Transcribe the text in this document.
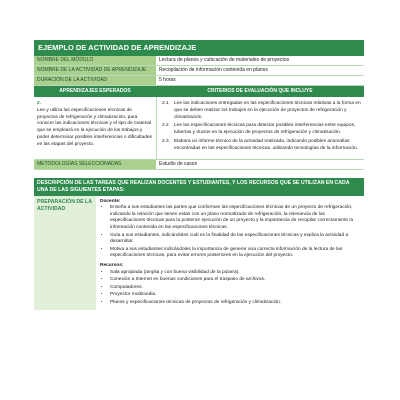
EJEMPLO DE ACTIVIDAD DE APRENDIZAJE
NOMBRE DEL MÓDULO	Lectura de planos y cubicación de materiales de proyectos
NOMBRE DE LA ACTIVIDAD DE APRENDIZAJE	Recopilación de información contenida en planos
DURACIÓN DE LA ACTIVIDAD	5 horas
APRENDIZAJES ESPERADOS	CRITERIOS DE EVALUACIÓN QUE INCLUYE
2.
Lee y utiliza las especificaciones técnicas de proyectos de refrigeración y climatización, para conocer las indicaciones técnicas y el tipo de material que se empleará en la ejecución de los trabajos y poder determinar posibles interferencias o dificultades en las etapas del proyecto.
2.1	Lee las indicaciones entregadas en las especificaciones técnicas relativas a la forma en que se deben realizar los trabajos en la ejecución de proyectos de refrigeración y climatización.
2.2	Lee las especificaciones técnicas para detectar posibles interferencias entre equipos, tuberías y ductos en la ejecución de proyectos de refrigeración y climatización.
2.3	Elabora un informe técnico de la actividad realizada, indicando posibles anomalías encontradas en las especificaciones técnicas, utilizando tecnologías de la información.
METODOLOGÍAS SELECCIONADAS	Estudio de casos
DESCRIPCIÓN DE LAS TAREAS QUE REALIZAN DOCENTES Y ESTUDIANTES, Y LOS RECURSOS QUE SE UTILIZAN EN CADA UNA DE LAS SIGUIENTES ETAPAS:
PREPARACIÓN DE LA ACTIVIDAD
Docente:
• Enseña a sus estudiantes las partes que conforman las especificaciones técnicas de un proyecto de refrigeración, indicando la relación que tienen estas con un plano normalizado de refrigeración, la relevancia de las especificaciones técnicas para la posterior ejecución de un proyecto y la importancia de recopilar correctamente la información contenida en las especificaciones técnicas.
• Guía a sus estudiantes, indicándoles cuál es la finalidad de las especificaciones técnicas y explica la actividad a desarrollar.
• Motiva a sus estudiantes indicándoles la importancia de generar una correcta información de la lectura de las especificaciones técnicas, para evitar errores posteriores en la ejecución del proyecto.
Recursos:
• Sala apropiada (amplia y con buena visibilidad de la pizarra).
• Conexión a Internet en buenas condiciones para el traspaso de archivos.
• Computadores.
• Proyector multimedia.
• Planos y especificaciones técnicas de proyectos de refrigeración y climatización.
